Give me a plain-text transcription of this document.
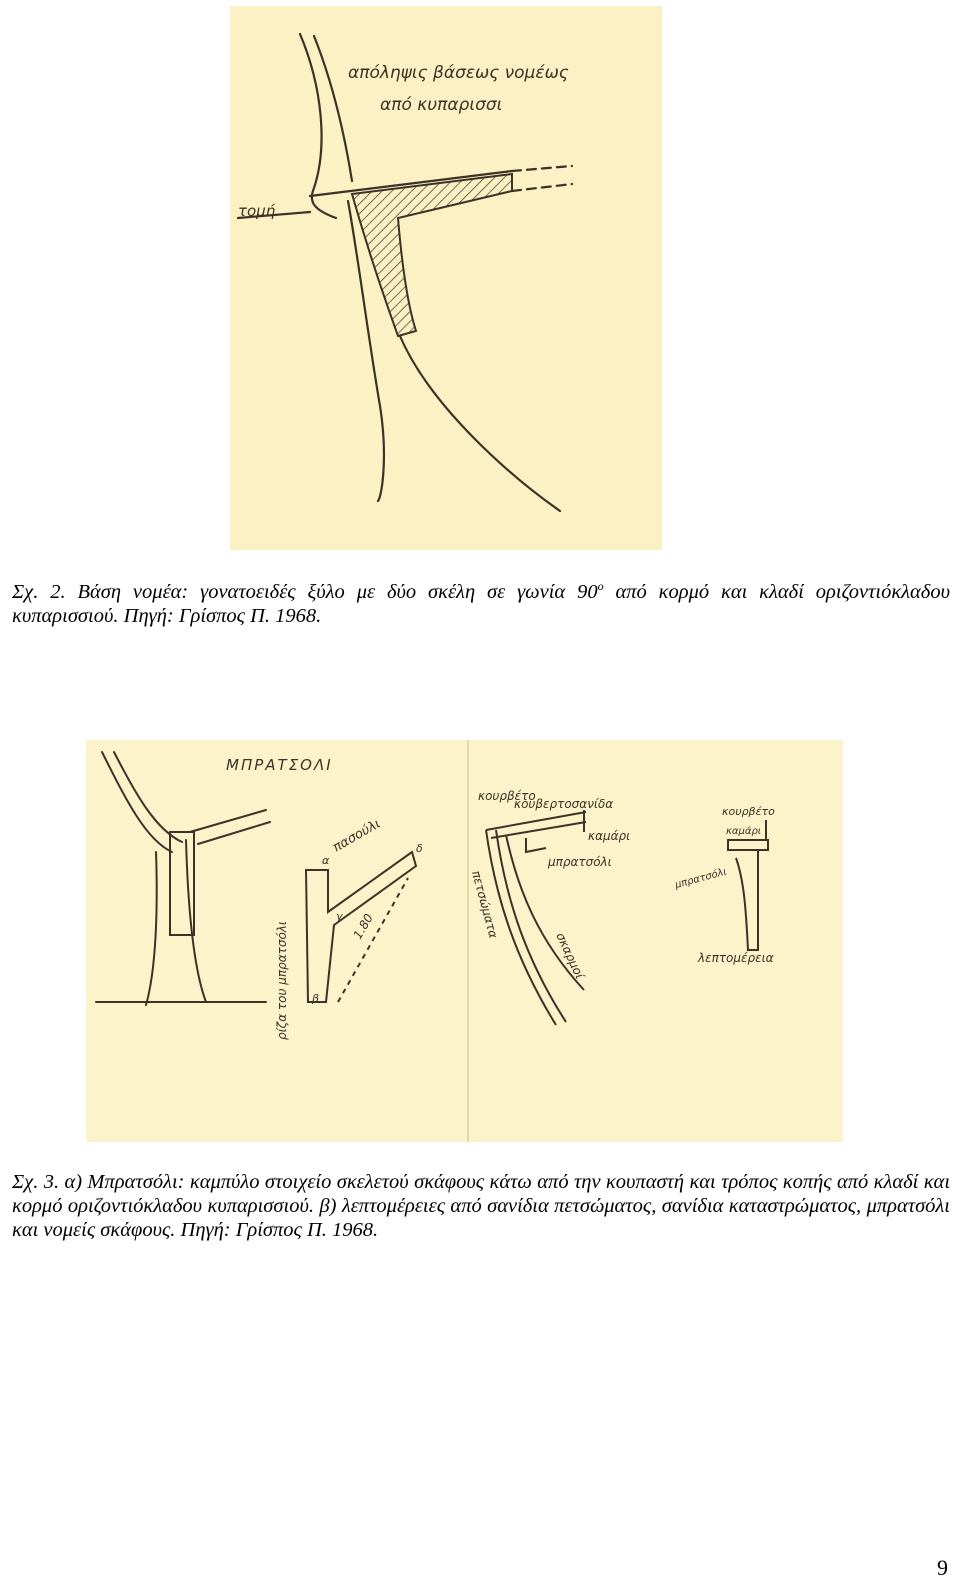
τομή
απόληψις βάσεως νομέως
από κυπαρισσι

Σχ. 2. Βάση νομέα: γονατοειδές ξύλο με δύο σκέλη σε γωνία $90^o$ από κορμό και κλαδί οριζοντιόκλαδου κυπαρισσιού. Πηγή: Γρίσπος Π. 1968.

ΜΠΡΑΤΣΟΛΙ
πασούλι
ρίζα του μπρατσόλι	1.80
α
β
γ
δ
κουρβέτο
κουβερτοσανίδα
καμάρι
μπρατσόλι
πετσώματα
σκαρμοί
κουρβέτο
καμάρι
μπρατσόλι
λεπτομέρεια

Σχ. 3. α) Μπρατσόλι: καμπύλο στοιχείο σκελετού σκάφους κάτω από την κουπαστή και τρόπος κοπής από κλαδί και κορμό οριζοντιόκλαδου κυπαρισσιού. β) λεπτομέρειες από σανίδια πετσώματος, σανίδια καταστρώματος, μπρατσόλι και νομείς σκάφους. Πηγή: Γρίσπος Π. 1968.

9
